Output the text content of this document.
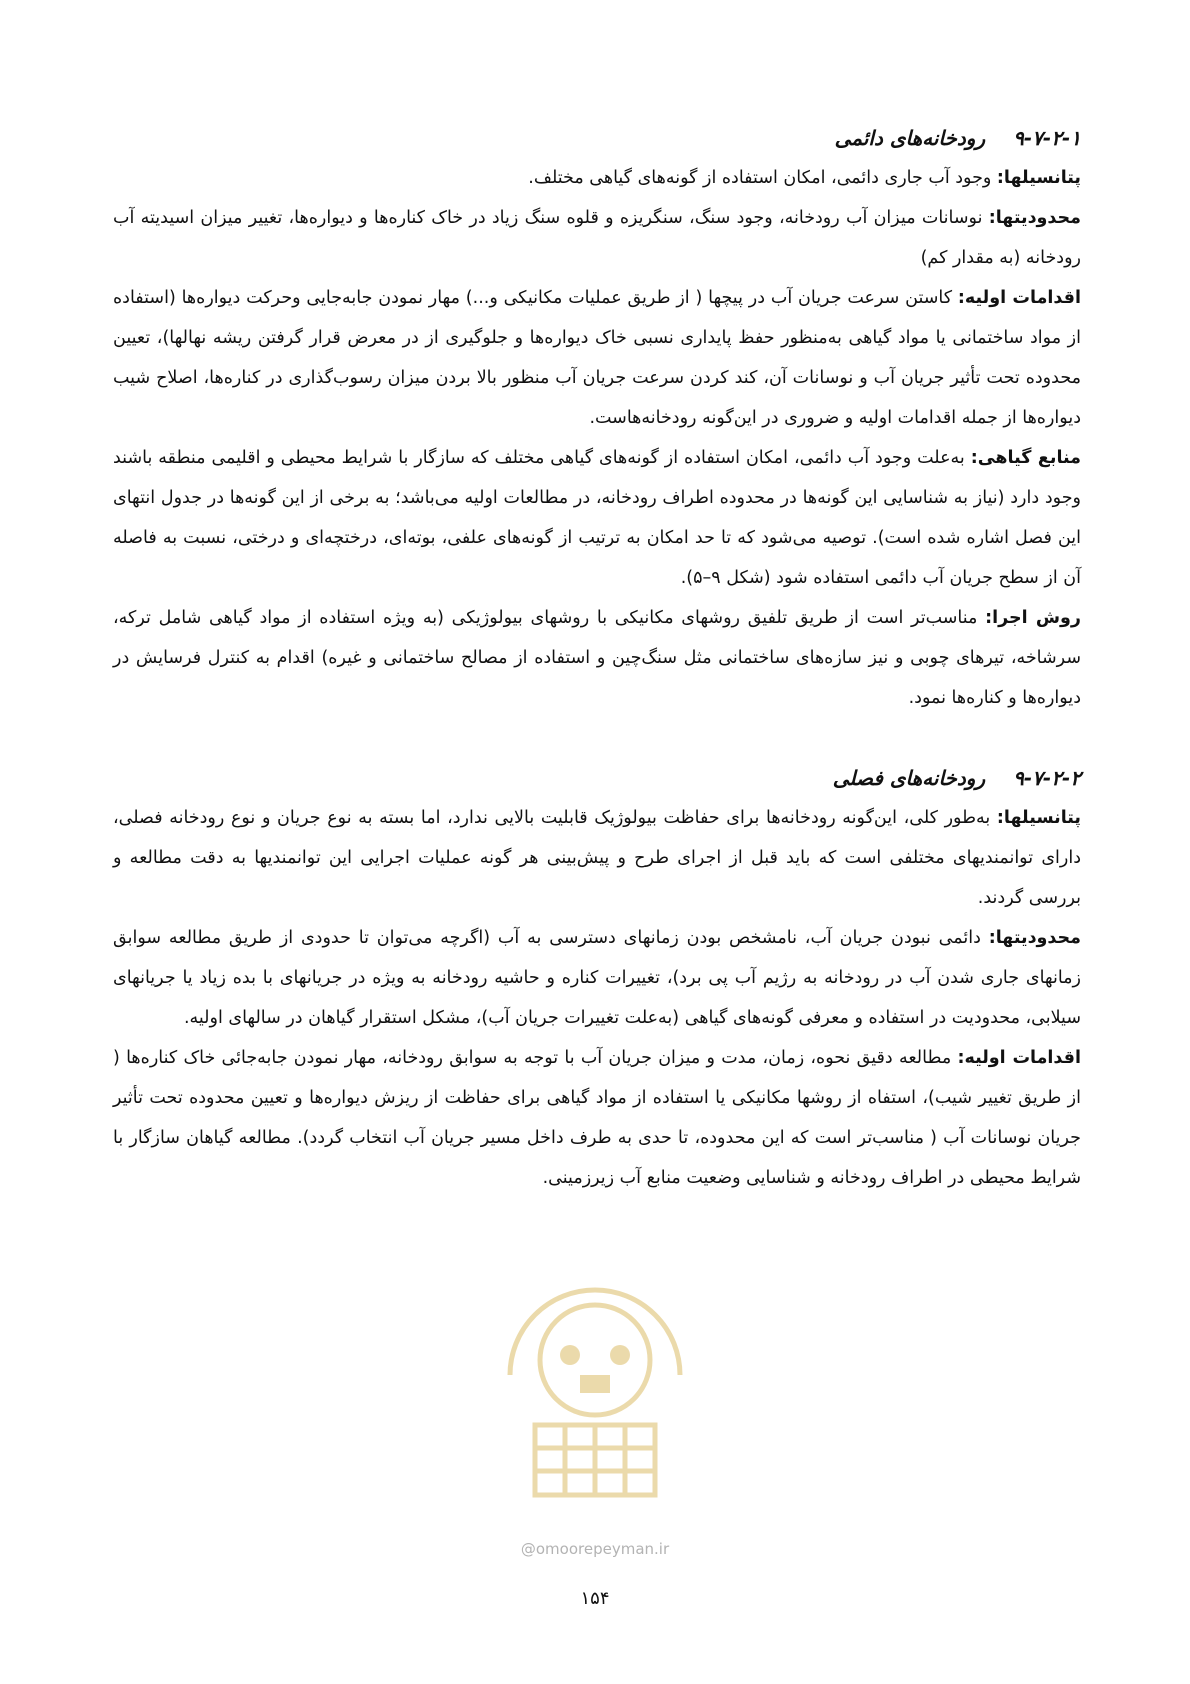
۹-۷-۲-۱رودخانه‌های دائمی

پتانسیلها: وجود آب جاری دائمی، امکان استفاده از گونه‌های گیاهی مختلف.

محدودیتها: نوسانات میزان آب رودخانه، وجود سنگ، سنگریزه و قلوه سنگ زیاد در خاک کناره‌ها و دیواره‌ها، تغییر میزان اسیدیته آب رودخانه (به مقدار کم)

اقدامات اولیه: کاستن سرعت جریان آب در پیچها ( از طریق عملیات مکانیکی و...) مهار نمودن جابه‌جایی وحرکت دیواره‌ها (استفاده از مواد ساختمانی یا مواد گیاهی به‌منظور حفظ پایداری نسبی خاک دیواره‌ها و جلوگیری از در معرض قرار گرفتن ریشه نهالها)، تعیین محدوده تحت تأثیر جریان آب و نوسانات آن، کند کردن سرعت جریان آب منظور بالا بردن میزان رسوب‌گذاری در کناره‌ها، اصلاح شیب دیواره‌ها از جمله اقدامات اولیه و ضروری در این‌گونه رودخانه‌هاست.

منابع گیاهی: به‌علت وجود آب دائمی، امکان استفاده از گونه‌های گیاهی مختلف که سازگار با شرایط محیطی و اقلیمی منطقه باشند وجود دارد (نیاز به شناسایی این گونه‌ها در محدوده اطراف رودخانه، در مطالعات اولیه می‌باشد؛ به برخی از این گونه‌ها در جدول انتهای این فصل اشاره شده است). توصیه می‌شود که تا حد امکان به ترتیب از گونه‌های علفی، بوته‌ای، درختچه‌ای و درختی، نسبت به فاصله آن از سطح جریان آب دائمی استفاده شود (شکل ۹–۵).

روش اجرا: مناسب‌تر است از طریق تلفیق روشهای مکانیکی با روشهای بیولوژیکی (به ویژه استفاده از مواد گیاهی شامل ترکه، سرشاخه، تیرهای چوبی و نیز سازه‌های ساختمانی مثل سنگ‌چین و استفاده از مصالح ساختمانی و غیره) اقدام به کنترل فرسایش در دیواره‌ها و کناره‌ها نمود.

۹-۷-۲-۲رودخانه‌های فصلی

پتانسیلها: به‌طور کلی، این‌گونه رودخانه‌ها برای حفاظت بیولوژیک قابلیت بالایی ندارد، اما بسته به نوع جریان و نوع رودخانه فصلی، دارای توانمندیهای مختلفی است که باید قبل از اجرای طرح و پیش‌بینی هر گونه عملیات اجرایی این توانمندیها به دقت مطالعه و بررسی گردند.

محدودیتها: دائمی نبودن جریان آب، نامشخص بودن زمانهای دسترسی به آب (اگرچه می‌توان تا حدودی از طریق مطالعه سوابق زمانهای جاری شدن آب در رودخانه به رژیم آب پی برد)، تغییرات کناره و حاشیه رودخانه به ویژه در جریانهای با بده زیاد یا جریانهای سیلابی، محدودیت در استفاده و معرفی گونه‌های گیاهی (به‌علت تغییرات جریان آب)، مشکل استقرار گیاهان در سالهای اولیه.

اقدامات اولیه: مطالعه دقیق نحوه، زمان، مدت و میزان جریان آب با توجه به سوابق رودخانه، مهار نمودن جابه‌جائی خاک کناره‌ها ( از طریق تغییر شیب)، استفاه از روشها مکانیکی یا استفاده از مواد گیاهی برای حفاظت از ریزش دیواره‌ها و تعیین محدوده تحت تأثیر جریان نوسانات آب ( مناسب‌تر است که این محدوده، تا حدی به طرف داخل مسیر جریان آب انتخاب گردد). مطالعه گیاهان سازگار با شرایط محیطی در اطراف رودخانه و شناسایی وضعیت منابع آب زیرزمینی.

@omoorepeyman.ir
۱۵۴
